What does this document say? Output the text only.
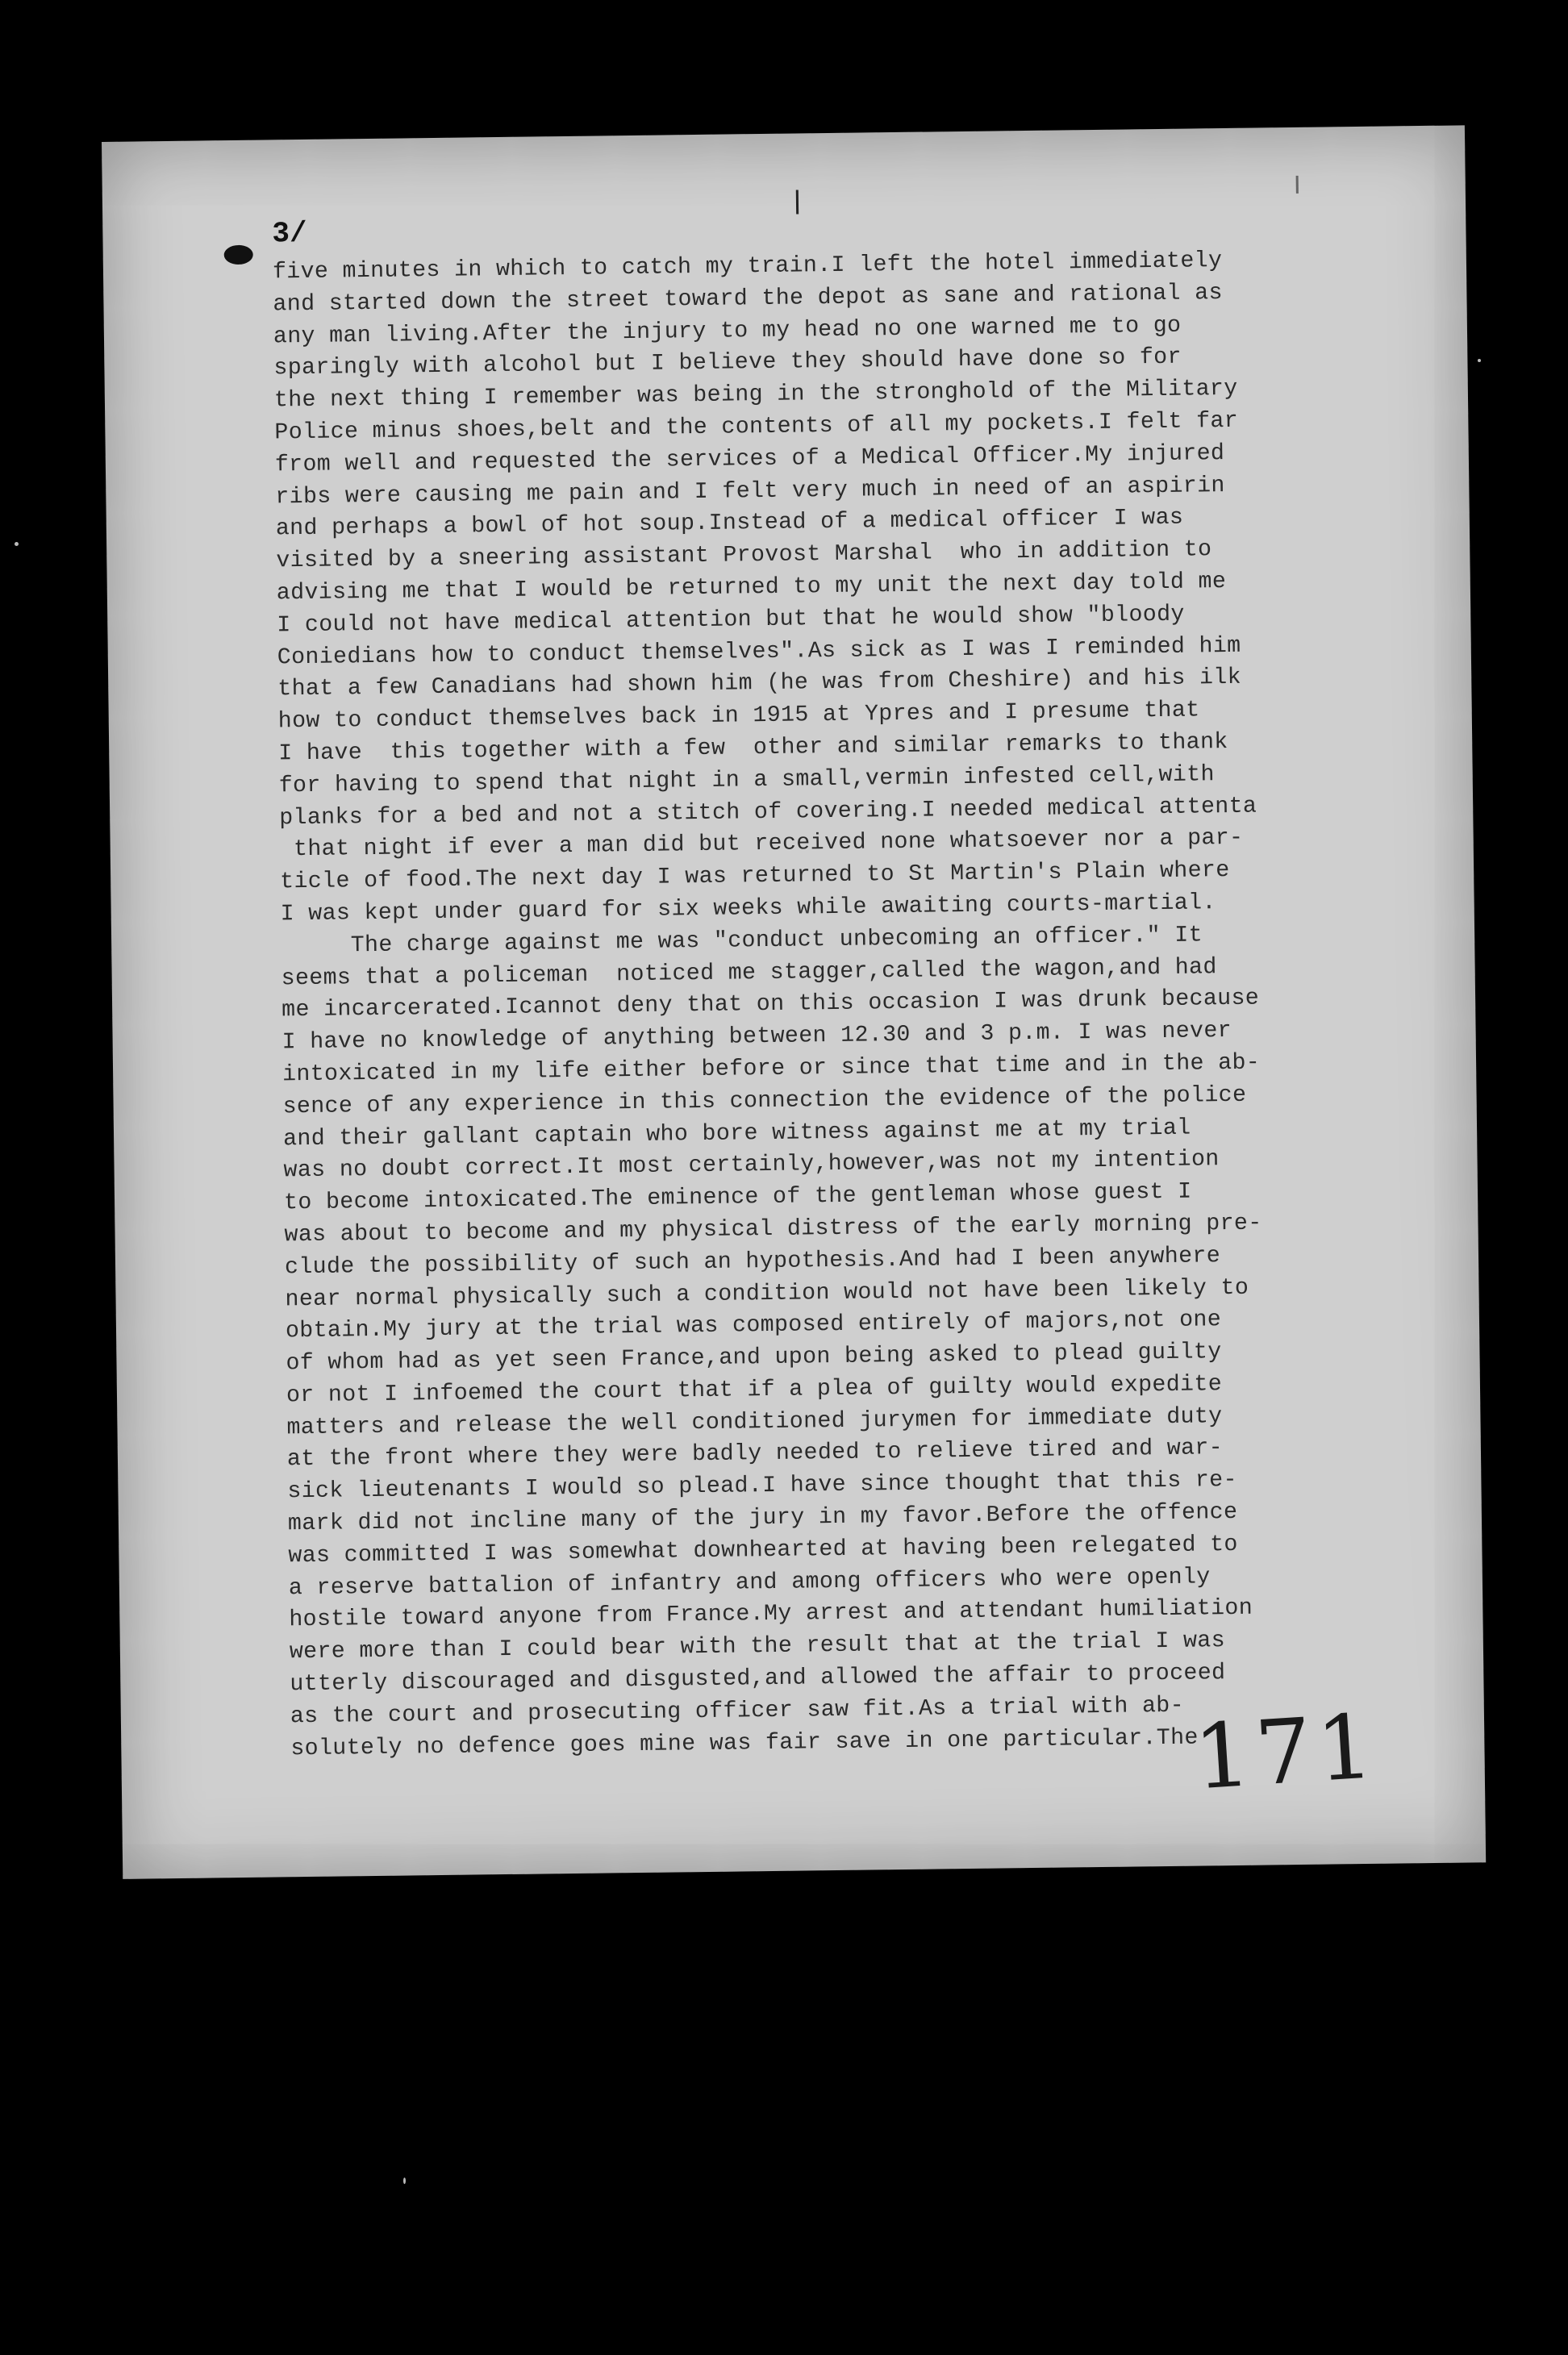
3/
five minutes in which to catch my train.I left the hotel immediately
and started down the street toward the depot as sane and rational as
any man living.After the injury to my head no one warned me to go
sparingly with alcohol but I believe they should have done so for
the next thing I remember was being in the stronghold of the Military
Police minus shoes,belt and the contents of all my pockets.I felt far
from well and requested the services of a Medical Officer.My injured
ribs were causing me pain and I felt very much in need of an aspirin
and perhaps a bowl of hot soup.Instead of a medical officer I was
visited by a sneering assistant Provost Marshal  who in addition to
advising me that I would be returned to my unit the next day told me
I could not have medical attention but that he would show "bloody
Coniedians how to conduct themselves".As sick as I was I reminded him
that a few Canadians had shown him (he was from Cheshire) and his ilk
how to conduct themselves back in 1915 at Ypres and I presume that
I have  this together with a few  other and similar remarks to thank
for having to spend that night in a small,vermin infested cell,with
planks for a bed and not a stitch of covering.I needed medical attenta
that night if ever a man did but received none whatsoever nor a par-
ticle of food.The next day I was returned to St Martin's Plain where
I was kept under guard for six weeks while awaiting courts-martial.
The charge against me was "conduct unbecoming an officer." It
seems that a policeman  noticed me stagger,called the wagon,and had
me incarcerated.Icannot deny that on this occasion I was drunk because
I have no knowledge of anything between 12.30 and 3 p.m. I was never
intoxicated in my life either before or since that time and in the ab-
sence of any experience in this connection the evidence of the police
and their gallant captain who bore witness against me at my trial
was no doubt correct.It most certainly,however,was not my intention
to become intoxicated.The eminence of the gentleman whose guest I
was about to become and my physical distress of the early morning pre-
clude the possibility of such an hypothesis.And had I been anywhere
near normal physically such a condition would not have been likely to
obtain.My jury at the trial was composed entirely of majors,not one
of whom had as yet seen France,and upon being asked to plead guilty
or not I infoemed the court that if a plea of guilty would expedite
matters and release the well conditioned jurymen for immediate duty
at the front where they were badly needed to relieve tired and war-
sick lieutenants I would so plead.I have since thought that this re-
mark did not incline many of the jury in my favor.Before the offence
was committed I was somewhat downhearted at having been relegated to
a reserve battalion of infantry and among officers who were openly
hostile toward anyone from France.My arrest and attendant humiliation
were more than I could bear with the result that at the trial I was
utterly discouraged and disgusted,and allowed the affair to proceed
as the court and prosecuting officer saw fit.As a trial with ab-
solutely no defence goes mine was fair save in one particular.The
171
